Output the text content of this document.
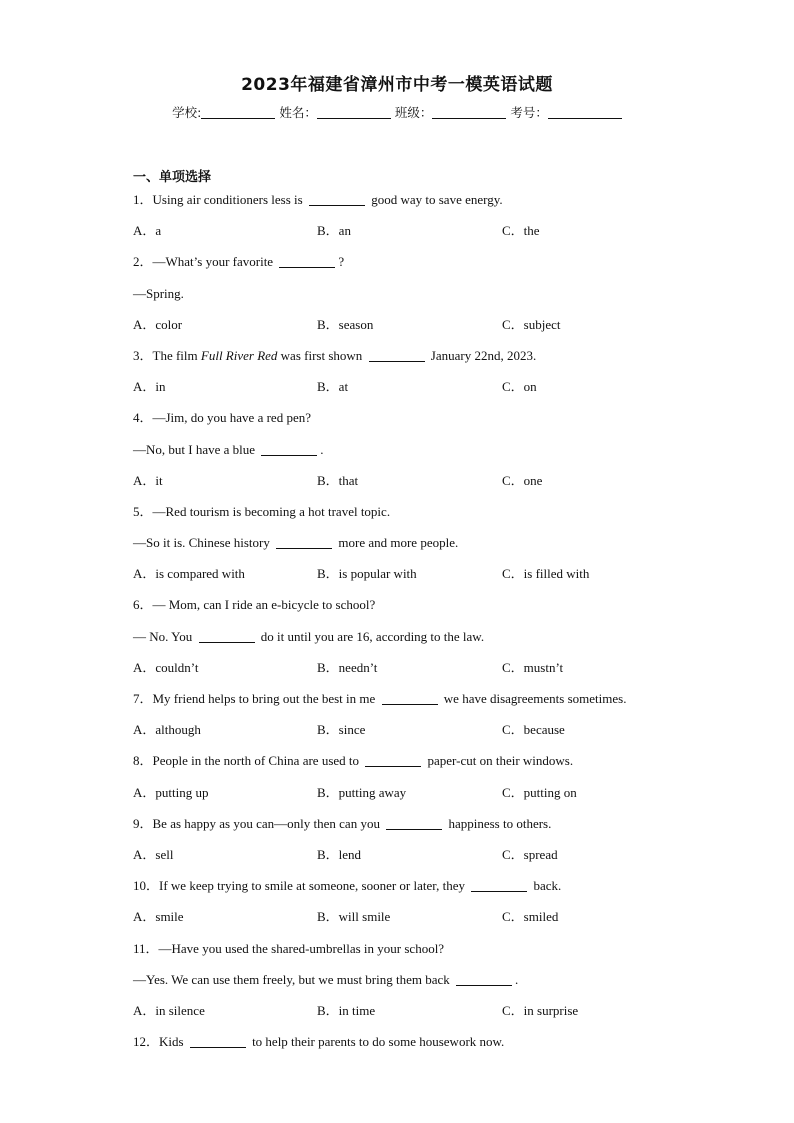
2023年福建省漳州市中考一模英语试题
学校:	姓名：	班级：	考号：
一、单项选择
1．Using air conditioners less is	good way to save energy.
A．a	B．an	C．the
2．—What’s your favorite	?
—Spring.
A．color	B．season	C．subject
3．The film Full River Red was first shown	January 22nd, 2023.
A．in	B．at	C．on
4．—Jim, do you have a red pen?
—No, but I have a blue	.
A．it	B．that	C．one
5．—Red tourism is becoming a hot travel topic.
—So it is. Chinese history	more and more people.
A．is compared with	B．is popular with	C．is filled with
6．— Mom, can I ride an e-bicycle to school?
— No. You	do it until you are 16, according to the law.
A．couldn’t	B．needn’t	C．mustn’t
7．My friend helps to bring out the best in me	we have disagreements sometimes.
A．although	B．since	C．because
8．People in the north of China are used to	paper-cut on their windows.
A．putting up	B．putting away	C．putting on
9．Be as happy as you can—only then can you	happiness to others.
A．sell	B．lend	C．spread
10．If we keep trying to smile at someone, sooner or later, they	back.
A．smile	B．will smile	C．smiled
11．—Have you used the shared-umbrellas in your school?
—Yes. We can use them freely, but we must bring them back	.
A．in silence	B．in time	C．in surprise
12．Kids	to help their parents to do some housework now.
